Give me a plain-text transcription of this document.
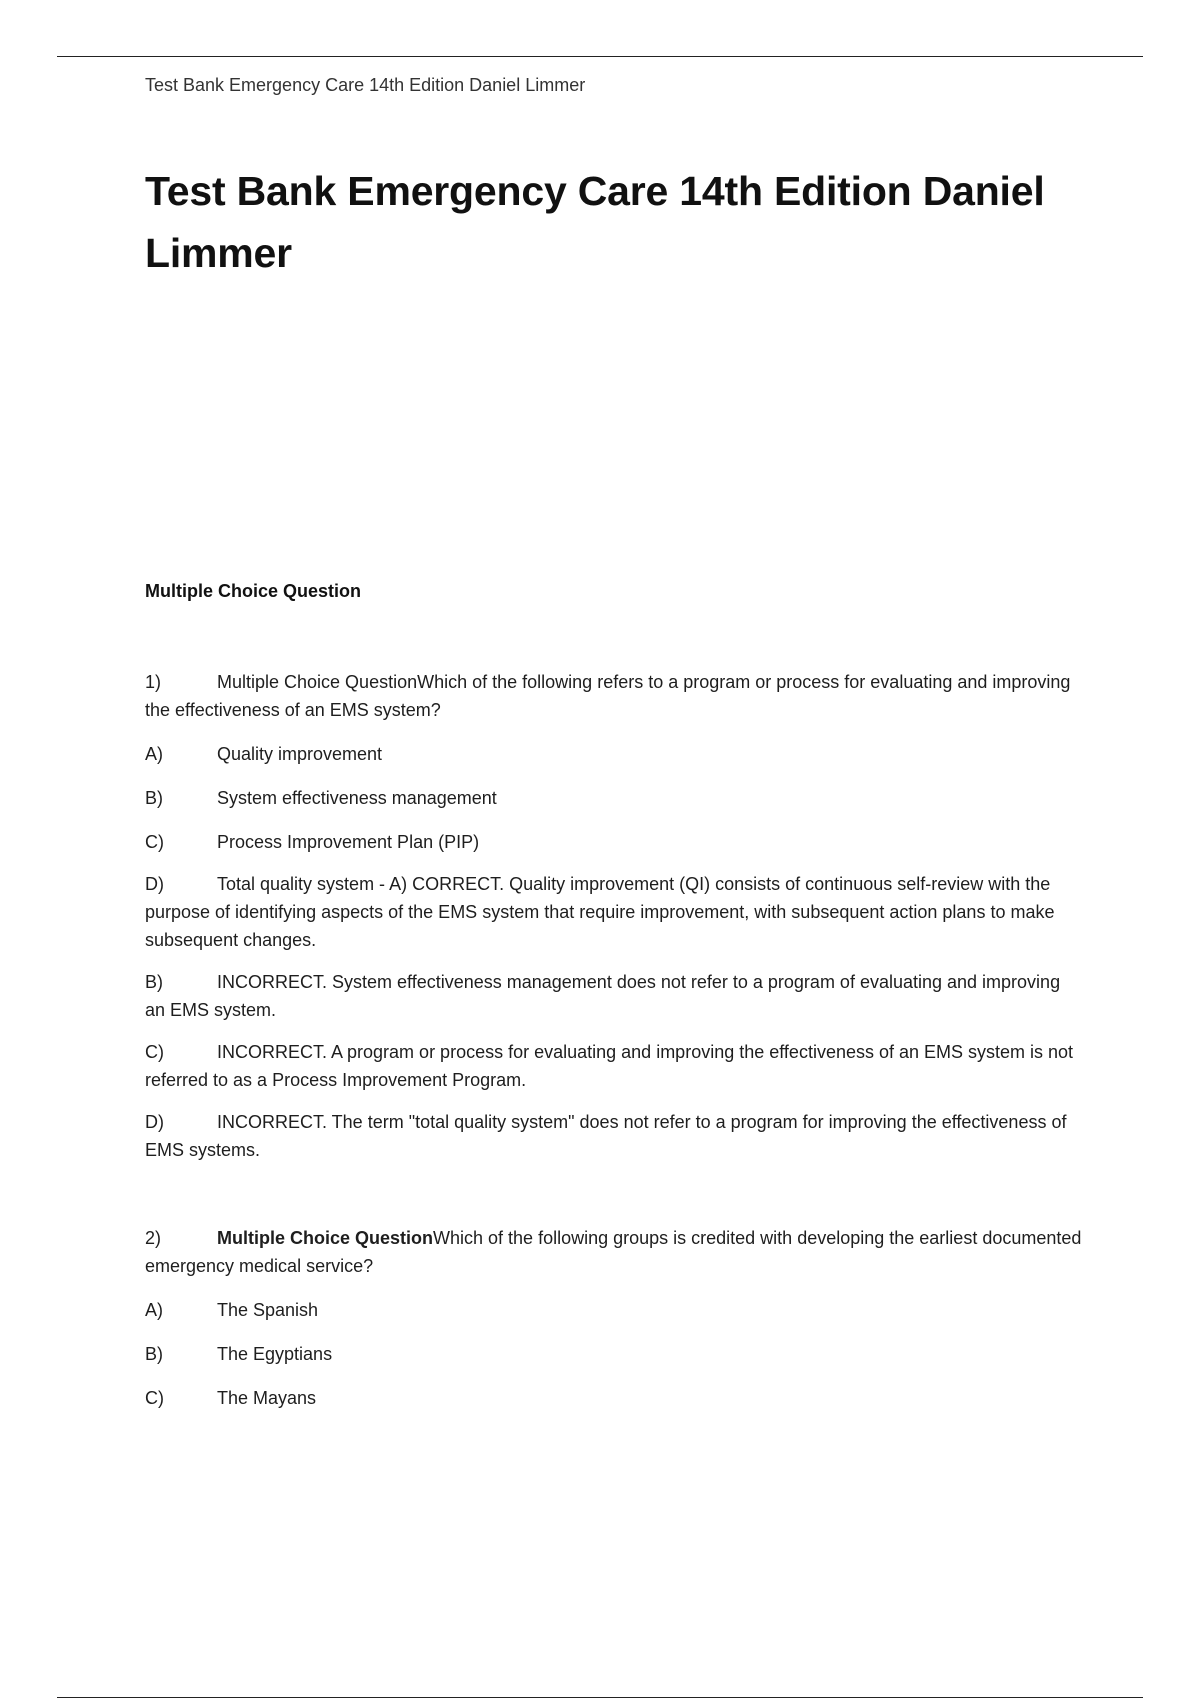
Test Bank Emergency Care 14th Edition Daniel Limmer

Test Bank Emergency Care 14th Edition Daniel Limmer

Multiple Choice Question

1)	Multiple Choice QuestionWhich of the following refers to a program or process for evaluating and improving the effectiveness of an EMS system?

A)	Quality improvement

B)	System effectiveness management

C)	Process Improvement Plan (PIP)

D)	Total quality system - A) CORRECT. Quality improvement (QI) consists of continuous self-review with the purpose of identifying aspects of the EMS system that require improvement, with subsequent action plans to make subsequent changes.

B)	INCORRECT. System effectiveness management does not refer to a program of evaluating and improving an EMS system.

C)	INCORRECT. A program or process for evaluating and improving the effectiveness of an EMS system is not referred to as a Process Improvement Program.

D)	INCORRECT. The term "total quality system" does not refer to a program for improving the effectiveness of EMS systems.

2)	Multiple Choice QuestionWhich of the following groups is credited with developing the earliest documented emergency medical service?

A)	The Spanish

B)	The Egyptians

C)	The Mayans
